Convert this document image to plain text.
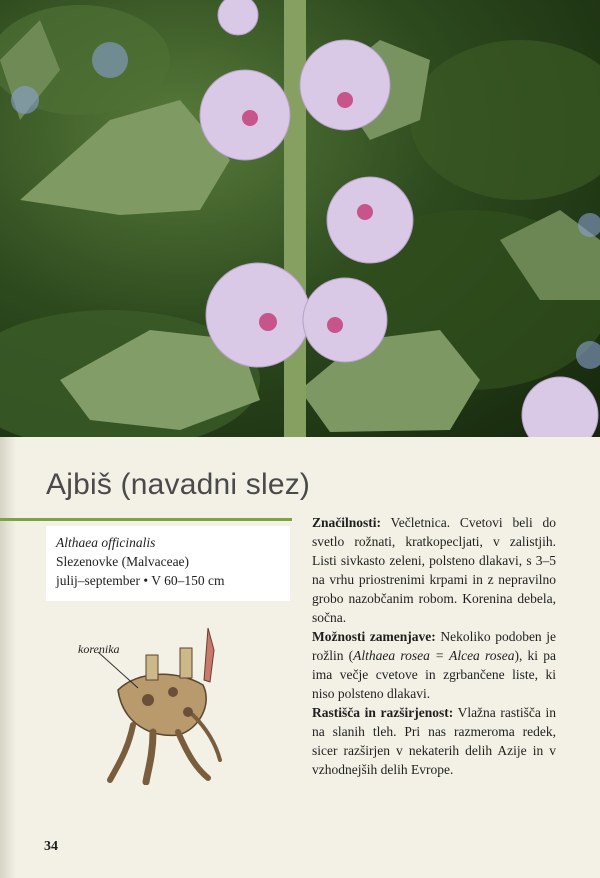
Ajbiš (navadni slez)
Althaea officinalis
Slezenovke (Malvaceae)
julij–september • V 60–150 cm
korenika

Značilnosti: Večletnica. Cvetovi beli do svetlo rožnati, kratkopecljati, v zalistjih. Listi sivkasto zeleni, polsteno dlakavi, s 3–5 na vrhu priostrenimi krpami in z nepravilno grobo nazobčanim robom. Korenina debela, sočna.

Možnosti zamenjave: Nekoliko podoben je rožlin (Althaea rosea = Alcea rosea), ki pa ima večje cvetove in zgrbančene liste, ki niso polsteno dlakavi.

Rastišča in razširjenost: Vlažna rastišča in na slanih tleh. Pri nas razmeroma redek, sicer razširjen v nekaterih delih Azije in v vzhodnejših delih Evrope.

34
